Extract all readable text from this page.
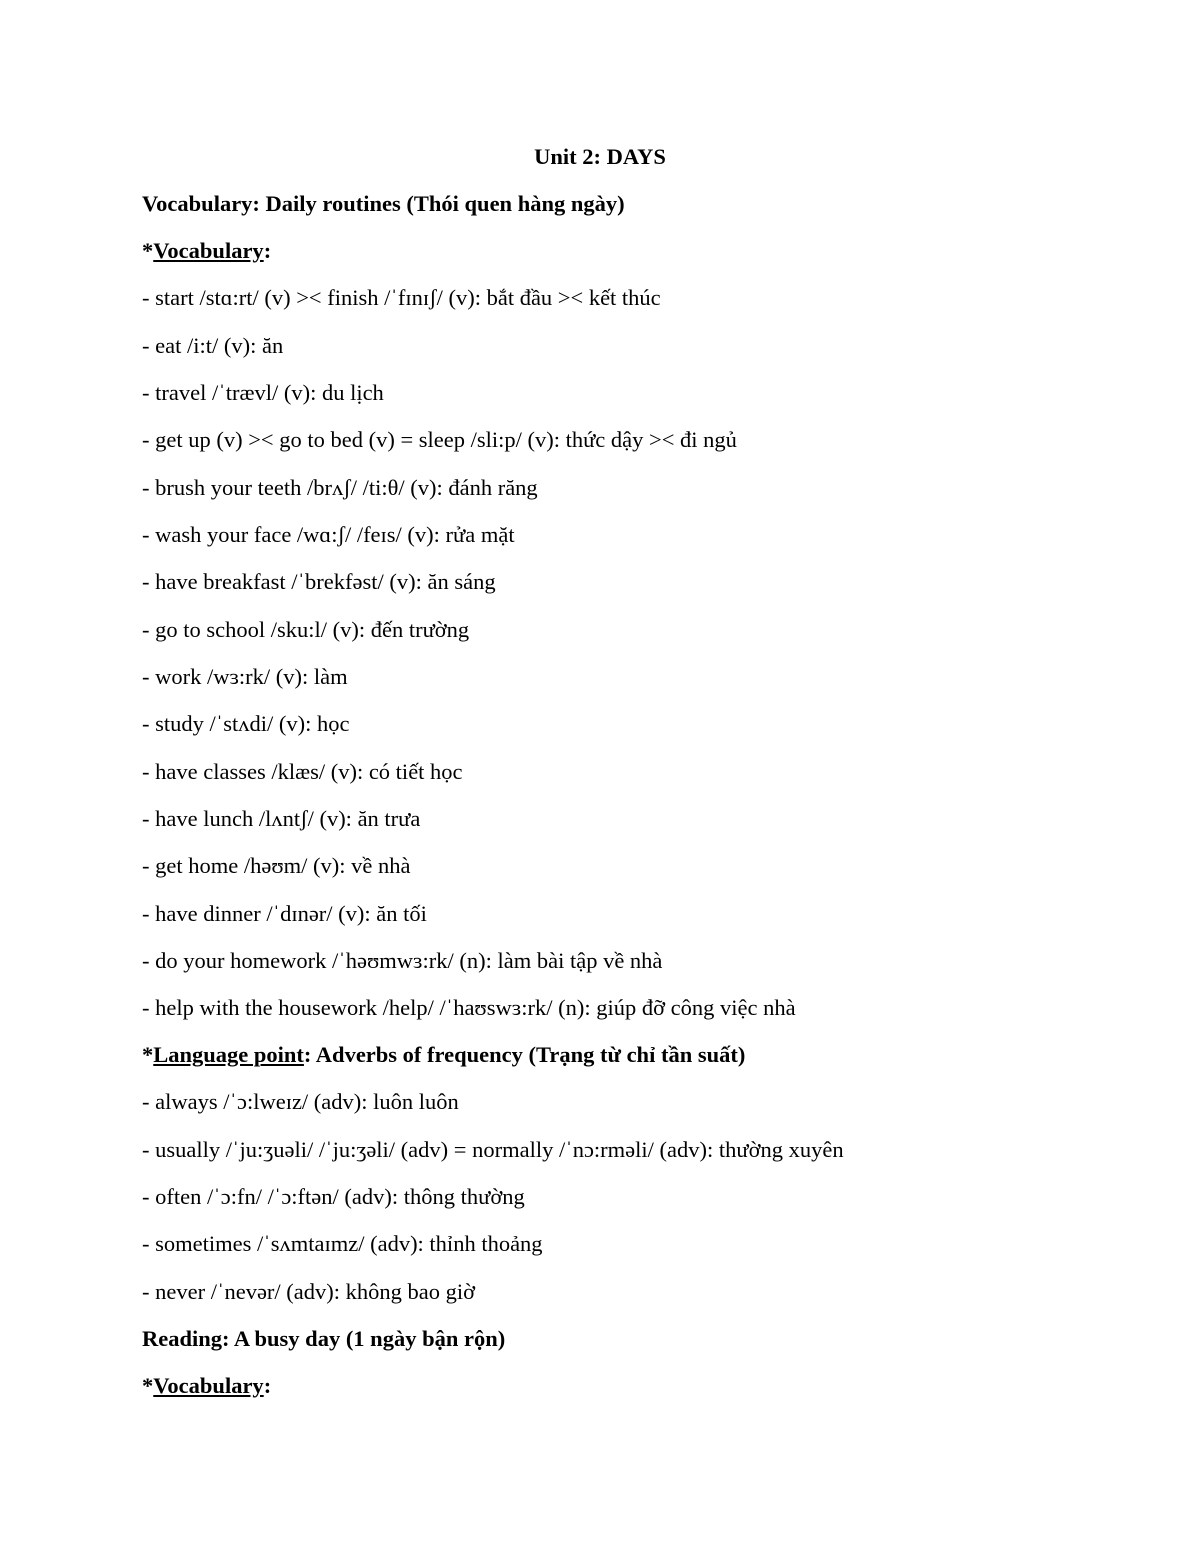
Unit 2: DAYS
Vocabulary: Daily routines (Thói quen hàng ngày)
*Vocabulary:
- start /stɑ:rt/ (v) >< finish /ˈfɪnɪʃ/ (v): bắt đầu >< kết thúc
- eat /i:t/ (v): ăn
- travel /ˈtrævl/ (v): du lịch
- get up (v) >< go to bed (v) = sleep /sli:p/ (v): thức dậy >< đi ngủ
- brush your teeth /brʌʃ/ /ti:θ/ (v): đánh răng
- wash your face /wɑ:ʃ/ /feɪs/ (v): rửa mặt
- have breakfast /ˈbrekfəst/ (v): ăn sáng
- go to school /sku:l/ (v): đến trường
- work /wɜ:rk/ (v): làm
- study /ˈstʌdi/ (v): học
- have classes /klæs/ (v): có tiết học
- have lunch /lʌntʃ/ (v): ăn trưa
- get home /həʊm/ (v): về nhà
- have dinner /ˈdɪnər/ (v): ăn tối
- do your homework /ˈhəʊmwɜ:rk/ (n): làm bài tập về nhà
- help with the housework /help/ /ˈhaʊswɜ:rk/ (n): giúp đỡ công việc nhà
*Language point: Adverbs of frequency (Trạng từ chỉ tần suất)
- always /ˈɔ:lweɪz/ (adv): luôn luôn
- usually /ˈju:ʒuəli/ /ˈju:ʒəli/ (adv) = normally /ˈnɔ:rməli/ (adv): thường xuyên
- often /ˈɔ:fn/ /ˈɔ:ftən/ (adv): thông thường
- sometimes /ˈsʌmtaɪmz/ (adv): thỉnh thoảng
- never /ˈnevər/ (adv): không bao giờ
Reading: A busy day (1 ngày bận rộn)
*Vocabulary:
